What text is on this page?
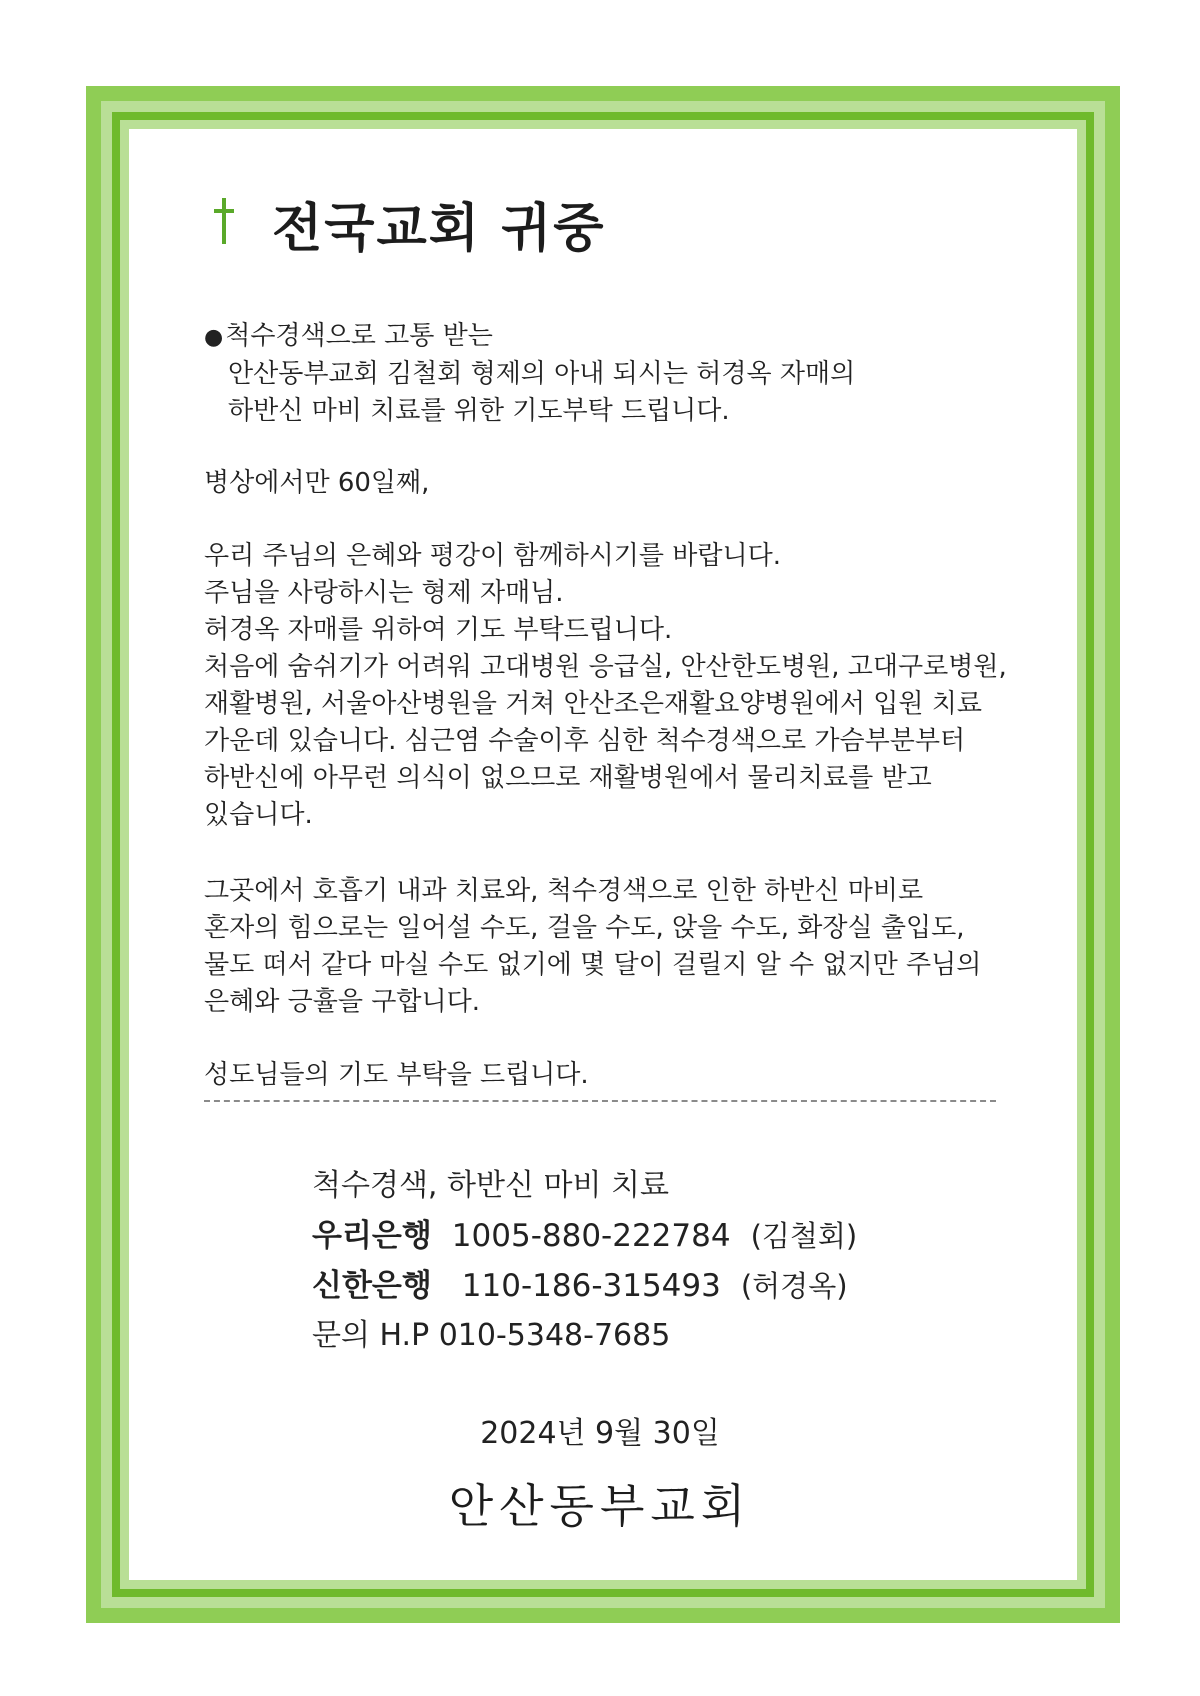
전국교회 귀중
●척수경색으로 고통 받는
안산동부교회 김철회 형제의 아내 되시는 허경옥 자매의
하반신 마비 치료를 위한 기도부탁 드립니다.
병상에서만 60일째,
우리 주님의 은혜와 평강이 함께하시기를 바랍니다.
주님을 사랑하시는 형제 자매님.
허경옥 자매를 위하여 기도 부탁드립니다.
처음에 숨쉬기가 어려워 고대병원 응급실, 안산한도병원, 고대구로병원,
재활병원, 서울아산병원을 거쳐 안산조은재활요양병원에서 입원 치료
가운데 있습니다. 심근염 수술이후 심한 척수경색으로 가슴부분부터
하반신에 아무런 의식이 없으므로 재활병원에서 물리치료를 받고
있습니다.
그곳에서 호흡기 내과 치료와, 척수경색으로 인한 하반신 마비로
혼자의 힘으로는 일어설 수도, 걸을 수도, 앉을 수도, 화장실 출입도,
물도 떠서 같다 마실 수도 없기에 몇 달이 걸릴지 알 수 없지만 주님의
은혜와 긍휼을 구합니다.
성도님들의 기도 부탁을 드립니다.
척수경색, 하반신 마비 치료
우리은행 1005-880-222784 (김철회)
신한은행 110-186-315493 (허경옥)
문의 H.P 010-5348-7685
2024년 9월 30일
안산동부교회
